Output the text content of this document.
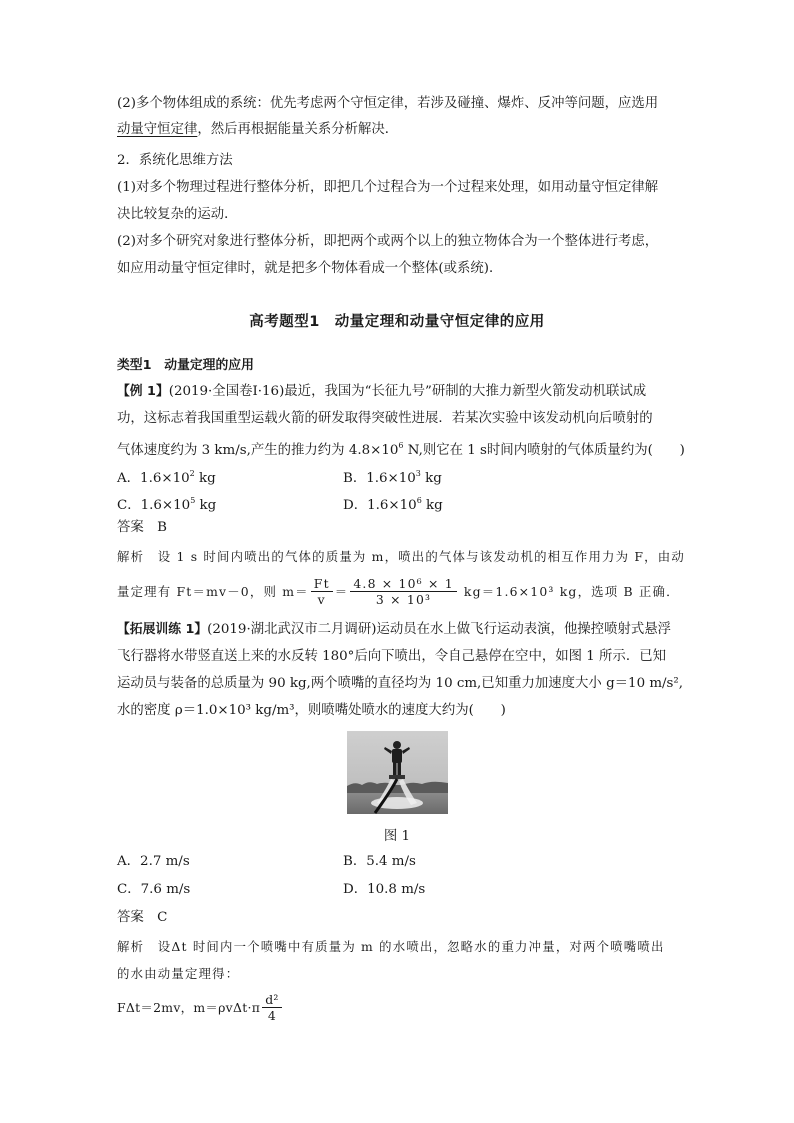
(2)多个物体组成的系统：优先考虑两个守恒定律，若涉及碰撞、爆炸、反冲等问题，应选用
动量守恒定律，然后再根据能量关系分析解决．
2．系统化思维方法
(1)对多个物理过程进行整体分析，即把几个过程合为一个过程来处理，如用动量守恒定律解
决比较复杂的运动．
(2)对多个研究对象进行整体分析，即把两个或两个以上的独立物体合为一个整体进行考虑，
如应用动量守恒定律时，就是把多个物体看成一个整体(或系统)．
高考题型1　动量定理和动量守恒定律的应用
类型1　动量定理的应用
【例 1】(2019·全国卷Ⅰ·16)最近，我国为“长征九号”研制的大推力新型火箭发动机联试成
功，这标志着我国重型运载火箭的研发取得突破性进展．若某次实验中该发动机向后喷射的
气体速度约为 3 km/s,产生的推力约为 $4.8\times 10^6$ N,则它在 1 s时间内喷射的气体质量约为(　　)
A．$1.6\times 10^2$ kg	B．$1.6\times 10^3$ kg
C．$1.6\times 10^5$ kg	D．$1.6\times 10^6$ kg
答案　B
解析　设 1 s 时间内喷出的气体的质量为 m，喷出的气体与该发动机的相互作用力为 F，由动
量定理有 Ft＝mv－0，则 $m= \frac{Ft}{v} = \frac{\text{4.8 × 10⁶ × 1}}{\text{3 × 10³}} kg=1.6\times 10^3$ kg，选项 B 正确．
【拓展训练 1】(2019·湖北武汉市二月调研)运动员在水上做飞行运动表演，他操控喷射式悬浮
飞行器将水带竖直送上来的水反转 180°后向下喷出，令自己悬停在空中，如图 1 所示．已知
运动员与装备的总质量为 90 kg,两个喷嘴的直径均为 10 cm,已知重力加速度大小 g＝10 m/s²,
水的密度 ρ＝1.0×10³ kg/m³，则喷嘴处喷水的速度大约为(　　)
图 1
A．2.7 m/s	B．5.4 m/s
C．7.6 m/s	D．10.8 m/s
答案　C
解析　设Δt 时间内一个喷嘴中有质量为 m 的水喷出，忽略水的重力冲量，对两个喷嘴喷出
的水由动量定理得：
FΔt＝2mv，$m=\rho v\Delta t\cdot\pi \frac{\text{d²}}{4}$
